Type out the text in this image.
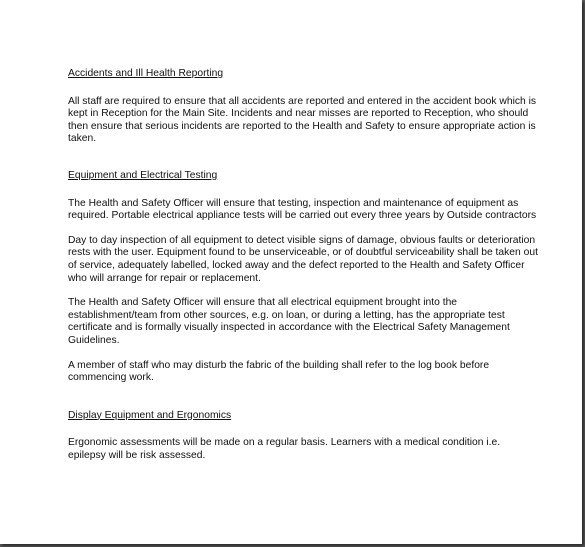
Accidents and Ill Health Reporting

All staff are required to ensure that all accidents are reported and entered in the accident book which is kept in Reception for the Main Site. Incidents and near misses are reported to Reception, who should then ensure that serious incidents are reported to the Health and Safety to ensure appropriate action is taken.

Equipment and Electrical Testing

The Health and Safety Officer will ensure that testing, inspection and maintenance of equipment as required. Portable electrical appliance tests will be carried out every three years by Outside contractors

Day to day inspection of all equipment to detect visible signs of damage, obvious faults or deterioration rests with the user. Equipment found to be unserviceable, or of doubtful serviceability shall be taken out of service, adequately labelled, locked away and the defect reported to the Health and Safety Officer who will arrange for repair or replacement.

The Health and Safety Officer will ensure that all electrical equipment brought into the establishment/team from other sources, e.g. on loan, or during a letting, has the appropriate test certificate and is formally visually inspected in accordance with the Electrical Safety Management Guidelines.

A member of staff who may disturb the fabric of the building shall refer to the log book before commencing work.

Display Equipment and Ergonomics

Ergonomic assessments will be made on a regular basis. Learners with a medical condition i.e. epilepsy will be risk assessed.
